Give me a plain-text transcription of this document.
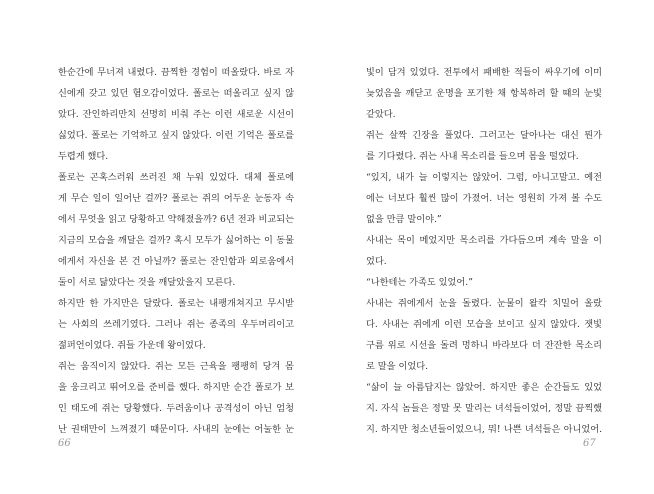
한순간에 무너져 내렸다. 끔찍한 경험이 떠올랐다. 바로 자

신에게 갖고 있던 혐오감이었다. 폴로는 떠올리고 싶지 않

았다. 잔인하리만치 선명히 비춰 주는 이런 새로운 시선이

싫었다. 폴로는 기억하고 싶지 않았다. 이런 기억은 폴로를

두렵게 했다.

폴로는 곤혹스러워 쓰러진 채 누워 있었다. 대체 폴로에

게 무슨 일이 일어난 걸까? 폴로는 쥐의 어두운 눈동자 속

에서 무엇을 읽고 당황하고 약해졌을까? 6년 전과 비교되는

지금의 모습을 깨달은 걸까? 혹시 모두가 싫어하는 이 동물

에게서 자신을 본 건 아닐까? 폴로는 잔인함과 외로움에서

둘이 서로 닮았다는 것을 깨달았을지 모른다.

하지만 한 가지만은 달랐다. 폴로는 내팽개쳐지고 무시받

는 사회의 쓰레기였다. 그러나 쥐는 종족의 우두머리이고

젊퍼언이었다. 쥐들 가운데 왕이었다.

쥐는 움직이지 않았다. 쥐는 모든 근육을 팽팽히 당겨 몸

을 웅크리고 뛰어오를 준비를 했다. 하지만 순간 폴로가 보

인 태도에 쥐는 당황했다. 두려움이나 공격성이 아닌 엄청

난 권태만이 느껴졌기 때문이다. 사내의 눈에는 어눌한 눈

빛이 담겨 있었다. 전투에서 패배한 적들이 싸우기에 이미

늦었음을 깨닫고 운명을 포기한 채 항복하려 할 때의 눈빛

같았다.

쥐는 살짝 긴장을 풀었다. 그러고는 달아나는 대신 뭔가

를 기다렸다. 쥐는 사내 목소리를 들으며 몸을 떨었다.

“있지, 내가 늘 이렇지는 않았어. 그럼, 아니고말고. 예전

에는 너보다 훨씬 많이 가졌어. 너는 영원히 가져 볼 수도

없을 만큼 말이야.”

사내는 목이 메었지만 목소리를 가다듬으며 계속 말을 이

었다.

“나한테는 가족도 있었어.”

사내는 쥐에게서 눈을 돌렸다. 눈물이 왈칵 치밀어 올랐

다. 사내는 쥐에게 이런 모습을 보이고 싶지 않았다. 잿빛

구름 위로 시선을 돌려 멍하니 바라보다 더 잔잔한 목소리

로 말을 이었다.

“삶이 늘 아름답지는 않았어. 하지만 좋은 순간들도 있었

지. 자식 놈들은 정말 못 말리는 녀석들이었어, 정말 끔찍했

지. 하지만 청소년들이었으니, 뭐! 나쁜 녀석들은 아니었어.

66	67
